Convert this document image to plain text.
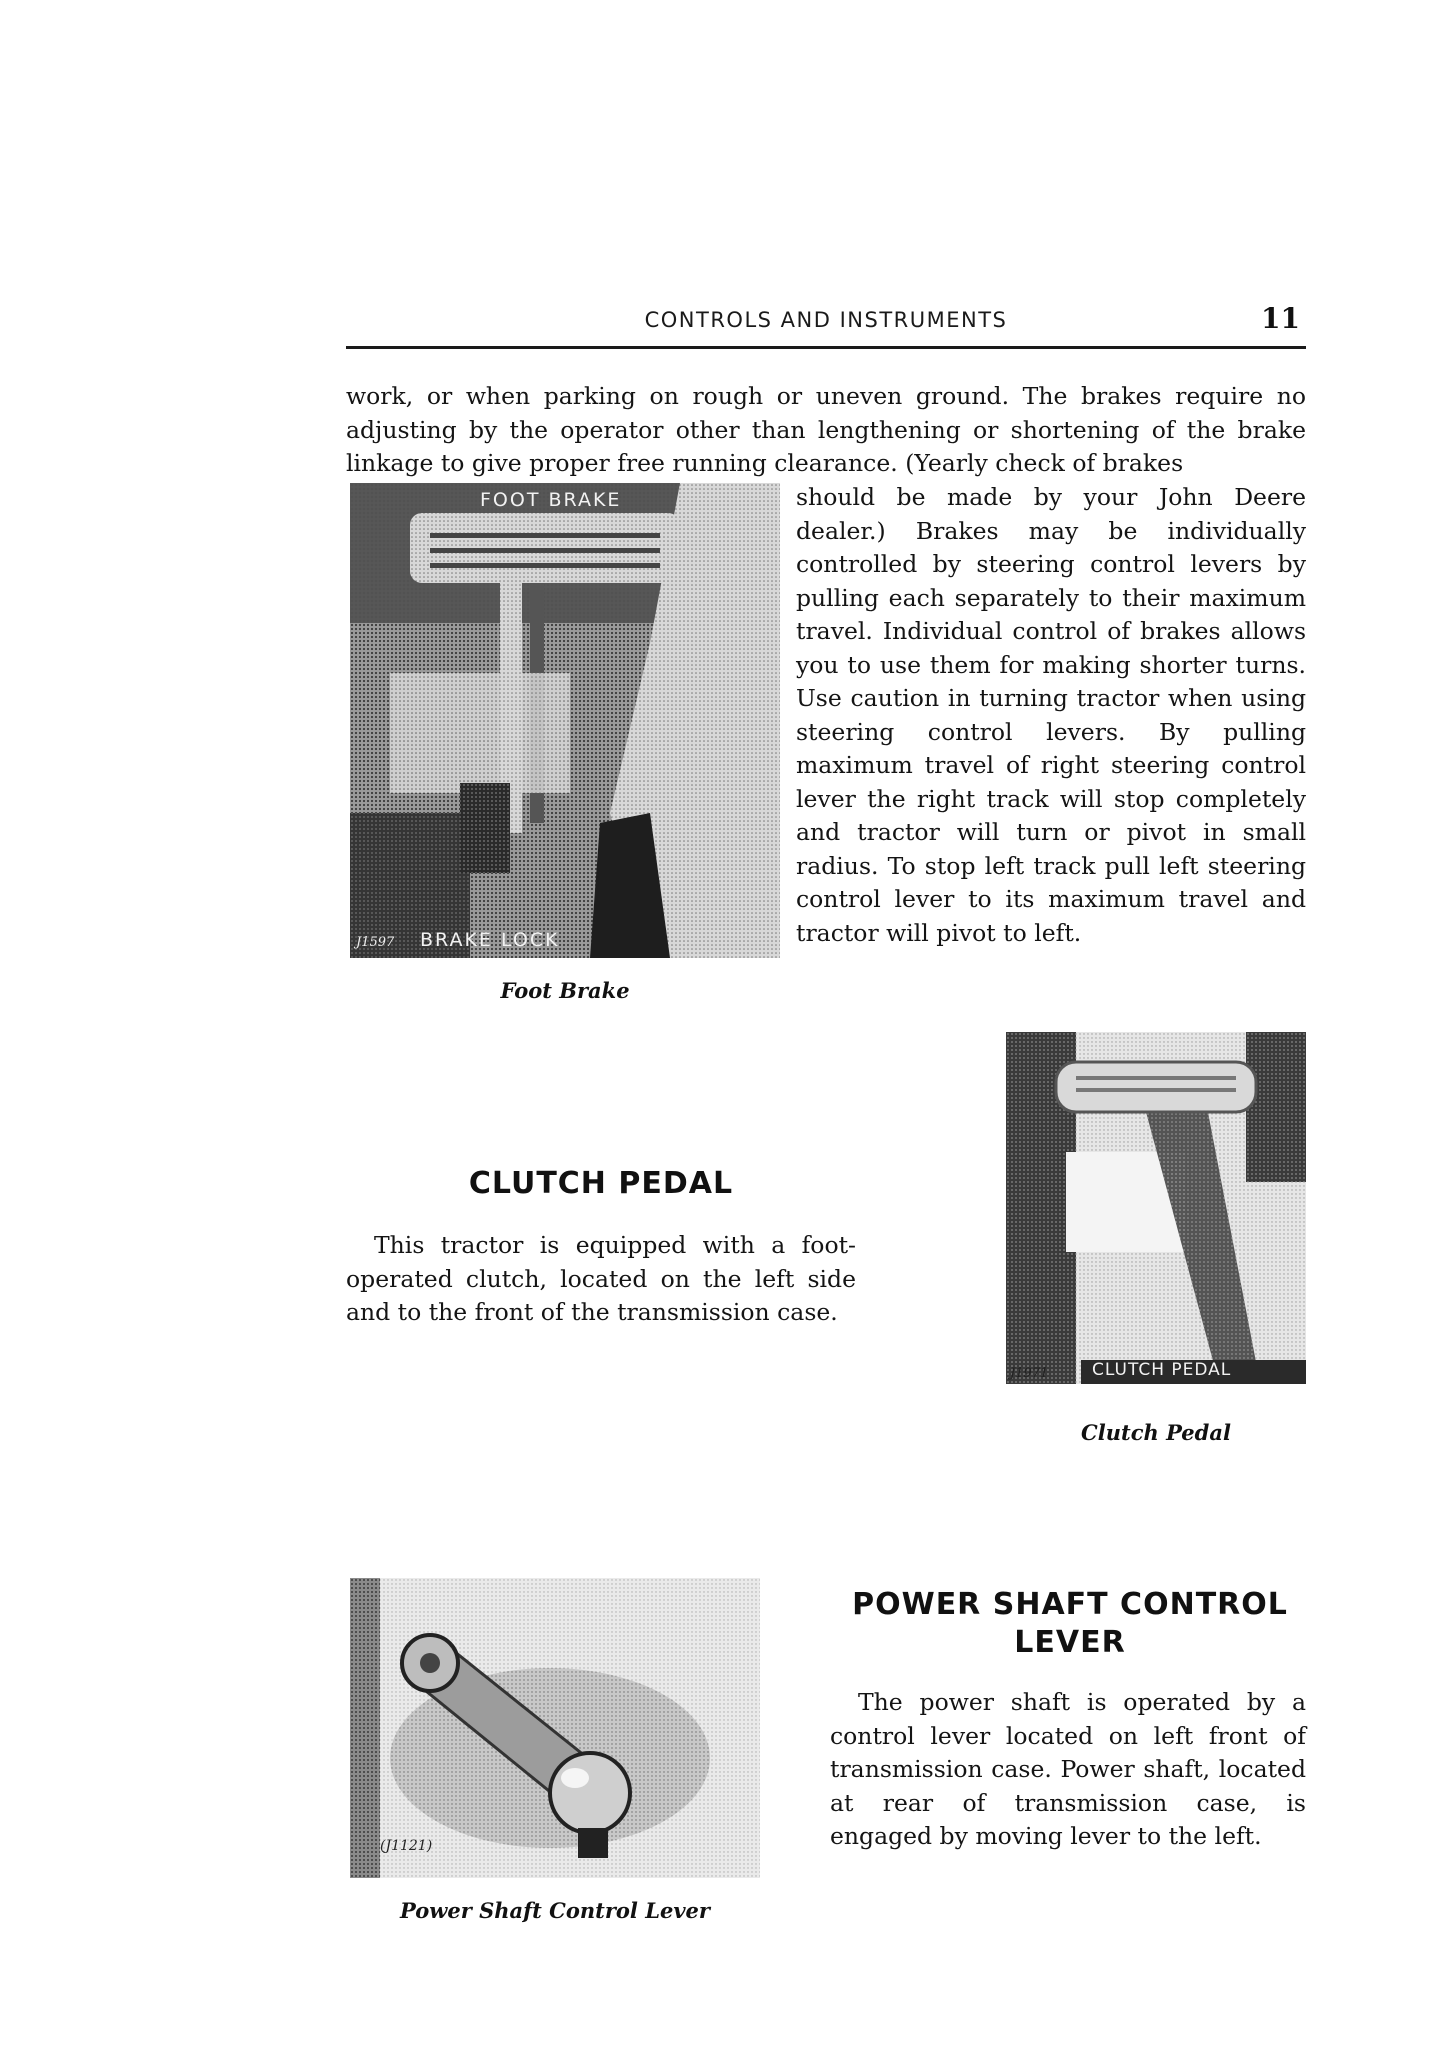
CONTROLS AND INSTRUMENTS	11
work, or when parking on rough or uneven ground. The brakes require no adjusting by the operator other than lengthening or shortening of the brake linkage to give proper free running clearance. (Yearly check of brakes
FOOT BRAKE
BRAKE LOCK
J1597
should be made by your John Deere dealer.) Brakes may be individually controlled by steering control levers by pulling each separately to their maximum travel. Individual control of brakes allows you to use them for making shorter turns. Use caution in turning tractor when using steering control levers. By pulling maximum travel of right steering control lever the right track will stop completely and tractor will turn or pivot in small radius. To stop left track pull left steering control lever to its maximum travel and tractor will pivot to left.
Foot Brake
CLUTCH PEDAL

This tractor is equipped with a foot-operated clutch, located on the left side and to the front of the transmission case.

CLUTCH PEDAL
J1971
Clutch Pedal
(J1121)
Power Shaft Control Lever
POWER SHAFT CONTROL LEVER

The power shaft is operated by a control lever located on left front of transmission case. Power shaft, located at rear of transmission case, is engaged by moving lever to the left.
